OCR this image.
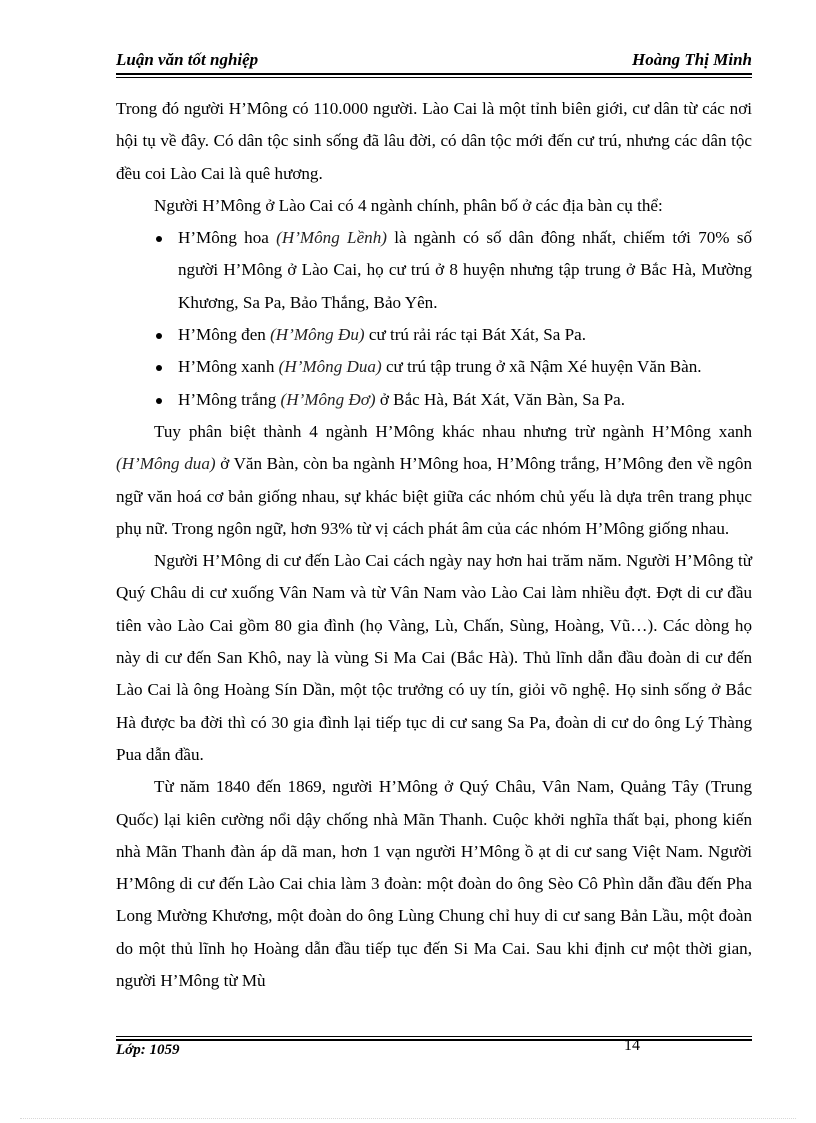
Luận văn tốt nghiệp	Hoàng Thị Minh

Trong đó người H’Mông có 110.000 người. Lào Cai là một tỉnh biên giới, cư dân từ các nơi hội tụ về đây. Có dân tộc sinh sống đã lâu đời, có dân tộc mới đến cư trú, nhưng các dân tộc đều coi Lào Cai là quê hương.

Người H’Mông ở Lào Cai có 4 ngành chính, phân bố ở các địa bàn cụ thể:

H’Mông hoa (H’Mông Lềnh) là ngành có số dân đông nhất, chiếm tới 70% số người H’Mông ở Lào Cai, họ cư trú ở 8 huyện nhưng tập trung ở Bắc Hà, Mường Khương, Sa Pa, Bảo Thắng, Bảo Yên.
H’Mông đen (H’Mông Đu) cư trú rải rác tại Bát Xát, Sa Pa.
H’Mông xanh (H’Mông Dua) cư trú tập trung ở xã Nậm Xé huyện Văn Bàn.
H’Mông trắng (H’Mông Đơ) ở Bắc Hà, Bát Xát, Văn Bàn, Sa Pa.

Tuy phân biệt thành 4 ngành H’Mông khác nhau nhưng trừ ngành H’Mông xanh (H’Mông dua) ở Văn Bàn, còn ba ngành H’Mông hoa, H’Mông trắng, H’Mông đen về ngôn ngữ văn hoá cơ bản giống nhau, sự khác biệt giữa các nhóm chủ yếu là dựa trên trang phục phụ nữ. Trong ngôn ngữ, hơn 93% từ vị cách phát âm của các nhóm H’Mông giống nhau.

Người H’Mông di cư đến Lào Cai cách ngày nay hơn hai trăm năm. Người H’Mông từ Quý Châu di cư xuống Vân Nam và từ Vân Nam vào Lào Cai làm nhiều đợt. Đợt di cư đầu tiên vào Lào Cai gồm 80 gia đình (họ Vàng, Lù, Chấn, Sùng, Hoàng, Vũ…). Các dòng họ này di cư đến San Khô, nay là vùng Si Ma Cai (Bắc Hà). Thủ lĩnh dẫn đầu đoàn di cư đến Lào Cai là ông Hoàng Sín Dần, một tộc trưởng có uy tín, giỏi võ nghệ. Họ sinh sống ở Bắc Hà được ba đời thì có 30 gia đình lại tiếp tục di cư sang Sa Pa, đoàn di cư do ông Lý Thàng Pua dẫn đầu.

Từ năm 1840 đến 1869, người H’Mông ở Quý Châu, Vân Nam, Quảng Tây (Trung Quốc) lại kiên cường nổi dậy chống nhà Mãn Thanh. Cuộc khởi nghĩa thất bại, phong kiến nhà Mãn Thanh đàn áp dã man, hơn 1 vạn người H’Mông ồ ạt di cư sang Việt Nam. Người H’Mông di cư đến Lào Cai chia làm 3 đoàn: một đoàn do ông Sèo Cô Phìn dẫn đầu đến Pha Long Mường Khương, một đoàn do ông Lùng Chung chỉ huy di cư sang Bản Lầu, một đoàn do một thủ lĩnh họ Hoàng dẫn đầu tiếp tục đến Si Ma Cai. Sau khi định cư một thời gian, người H’Mông từ Mù

Lớp: 1059	14
